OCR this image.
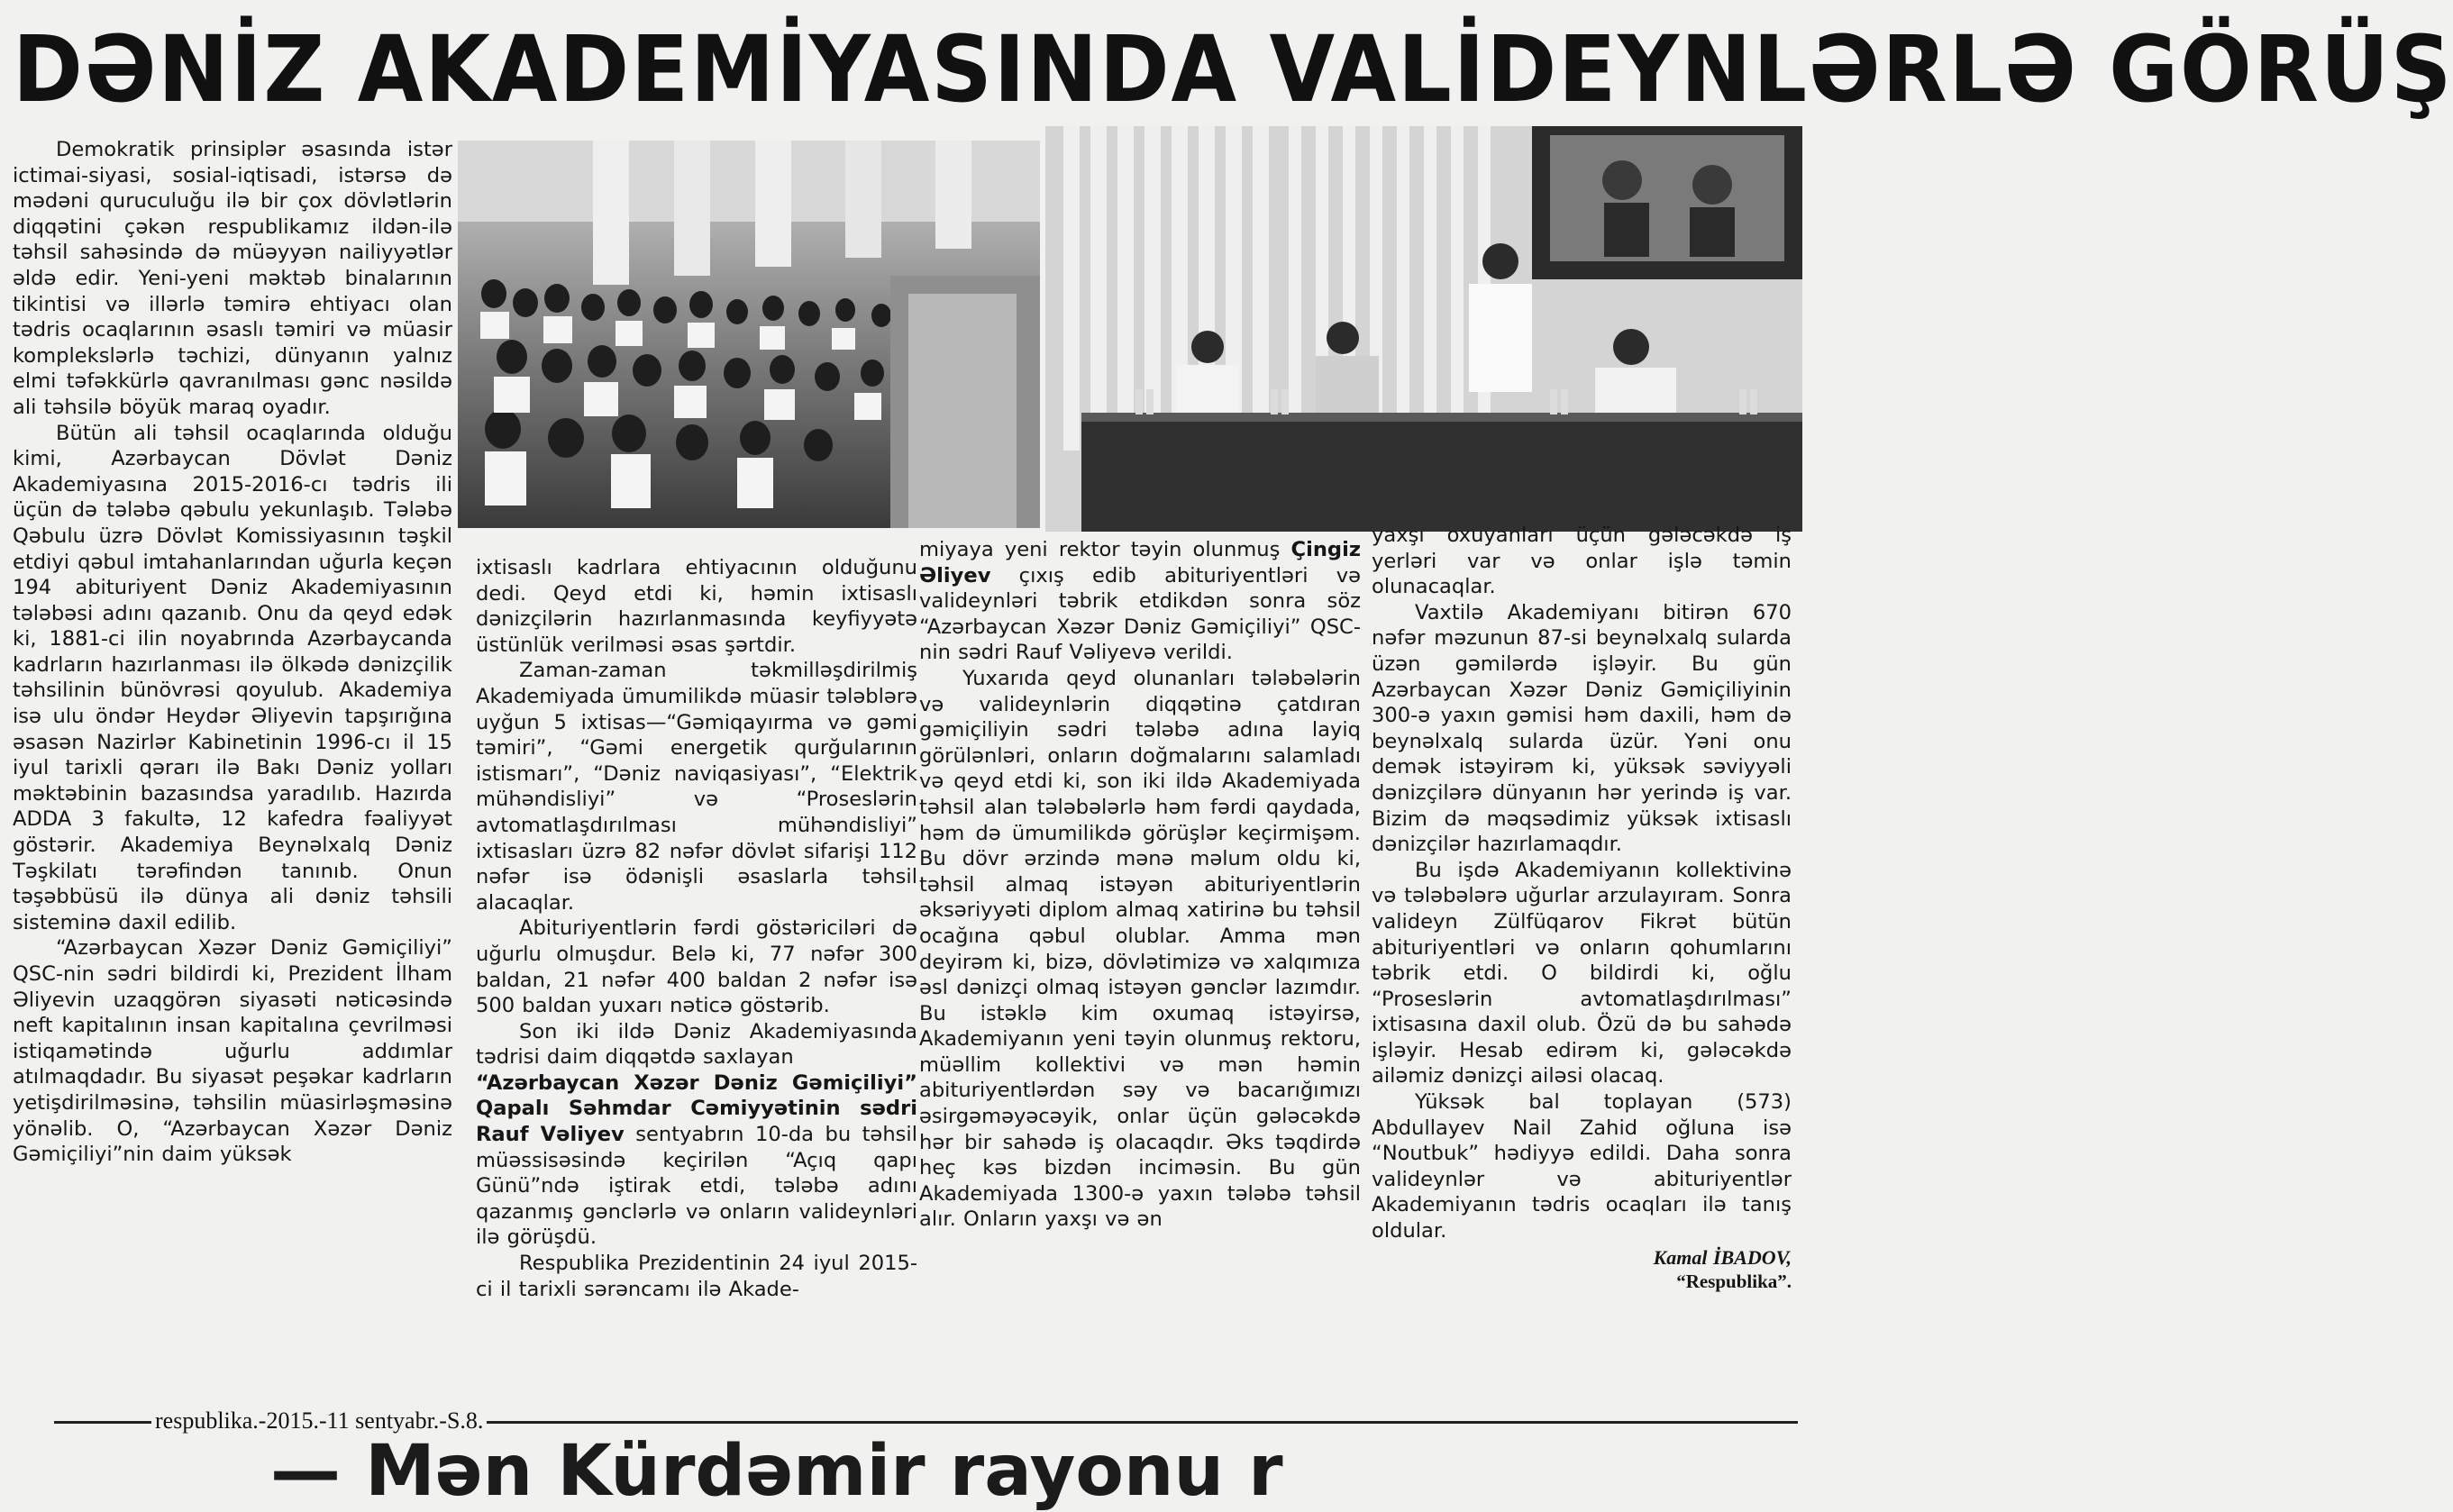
DƏNİZ AKADEMİYASINDA VALİDEYNLƏRLƏ GÖRÜŞ

Demokratik prinsiplər əsasında istər ictimai-siyasi, sosial-iqtisadi, istərsə də mədəni quruculuğu ilə bir çox dövlətlərin diqqətini çəkən respublikamız ildən-ilə təhsil sahəsində də müəyyən nailiyyətlər əldə edir. Yeni-yeni məktəb binalarının tikintisi və illərlə təmirə ehtiyacı olan tədris ocaqlarının əsaslı təmiri və müasir komplekslərlə təchizi, dünyanın yalnız elmi təfəkkürlə qavranılması gənc nəsildə ali təhsilə böyük maraq oyadır.

Bütün ali təhsil ocaqlarında olduğu kimi, Azərbaycan Dövlət Dəniz Akademiyasına 2015-2016-cı tədris ili üçün də tələbə qəbulu yekunlaşıb. Tələbə Qəbulu üzrə Dövlət Komissiyasının təşkil etdiyi qəbul imtahanlarından uğurla keçən 194 abituriyent Dəniz Akademiyasının tələbəsi adını qazanıb. Onu da qeyd edək ki, 1881-ci ilin noyabrında Azərbaycanda kadrların hazırlanması ilə ölkədə dənizçilik təhsilinin bünövrəsi qoyulub. Akademiya isə ulu öndər Heydər Əliyevin tapşırığına əsasən Nazirlər Kabinetinin 1996-cı il 15 iyul tarixli qərarı ilə Bakı Dəniz yolları məktəbinin bazasındsa yaradılıb. Hazırda ADDA 3 fakultə, 12 kafedra fəaliyyət göstərir. Akademiya Beynəlxalq Dəniz Təşkilatı tərəfindən tanınıb. Onun təşəbbüsü ilə dünya ali dəniz təhsili sisteminə daxil edilib.

“Azərbaycan Xəzər Dəniz Gəmiçiliyi” QSC-nin sədri bildirdi ki, Prezident İlham Əliyevin uzaqgörən siyasəti nəticəsində neft kapitalının insan kapitalına çevrilməsi istiqamətində uğurlu addımlar atılmaqdadır. Bu siyasət peşəkar kadrların yetişdirilməsinə, təhsilin müasirləşməsinə yönəlib. O, “Azərbaycan Xəzər Dəniz Gəmiçiliyi”nin daim yüksək

ixtisaslı kadrlara ehtiyacının olduğunu dedi. Qeyd etdi ki, həmin ixtisaslı dənizçilərin hazırlanmasında keyfiyyətə üstünlük verilməsi əsas şərtdir.

Zaman-zaman təkmilləşdirilmiş Akademiyada ümumilikdə müasir tələblərə uyğun 5 ixtisas—“Gəmiqayırma və gəmi təmiri”, “Gəmi energetik qurğularının istismarı”, “Dəniz naviqasiyası”, “Elektrik mühəndisliyi” və “Proseslərin avtomatlaşdırılması mühəndisliyi” ixtisasları üzrə 82 nəfər dövlət sifarişi 112 nəfər isə ödənişli əsaslarla təhsil alacaqlar.

Abituriyentlərin fərdi göstəriciləri də uğurlu olmuşdur. Belə ki, 77 nəfər 300 baldan, 21 nəfər 400 baldan 2 nəfər isə 500 baldan yuxarı nəticə göstərib.

Son iki ildə Dəniz Akademiyasında tədrisi daim diqqətdə saxlayan

“Azərbaycan Xəzər Dəniz Gəmiçiliyi” Qapalı Səhmdar Cəmiyyətinin sədri Rauf Vəliyev sentyabrın 10-da bu təhsil müəssisəsində keçirilən “Açıq qapı Günü”ndə iştirak etdi, tələbə adını qazanmış gənclərlə və onların valideynləri ilə görüşdü.

Respublika Prezidentinin 24 iyul 2015-ci il tarixli sərəncamı ilə Akade-

miyaya yeni rektor təyin olunmuş Çingiz Əliyev çıxış edib abituriyentləri və valideynləri təbrik etdikdən sonra söz “Azərbaycan Xəzər Dəniz Gəmiçiliyi” QSC-nin sədri Rauf Vəliyevə verildi.

Yuxarıda qeyd olunanları tələbələrin və valideynlərin diqqətinə çatdıran gəmiçiliyin sədri tələbə adına layiq görülənləri, onların doğmalarını salamladı və qeyd etdi ki, son iki ildə Akademiyada təhsil alan tələbələrlə həm fərdi qaydada, həm də ümumilikdə görüşlər keçirmişəm. Bu dövr ərzində mənə məlum oldu ki, təhsil almaq istəyən abituriyentlərin əksəriyyəti diplom almaq xatirinə bu təhsil ocağına qəbul olublar. Amma mən deyirəm ki, bizə, dövlətimizə və xalqımıza əsl dənizçi olmaq istəyən gənclər lazımdır. Bu istəklə kim oxumaq istəyirsə, Akademiyanın yeni təyin olunmuş rektoru, müəllim kollektivi və mən həmin abituriyentlərdən səy və bacarığımızı əsirgəməyəcəyik, onlar üçün gələcəkdə hər bir sahədə iş olacaqdır. Əks təqdirdə heç kəs bizdən inciməsin. Bu gün Akademiyada 1300-ə yaxın tələbə təhsil alır. Onların yaxşı və ən

yaxşı oxuyanları üçün gələcəkdə iş yerləri var və onlar işlə təmin olunacaqlar.

Vaxtilə Akademiyanı bitirən 670 nəfər məzunun 87-si beynəlxalq sularda üzən gəmilərdə işləyir. Bu gün Azərbaycan Xəzər Dəniz Gəmiçiliyinin 300-ə yaxın gəmisi həm daxili, həm də beynəlxalq sularda üzür. Yəni onu demək istəyirəm ki, yüksək səviyyəli dənizçilərə dünyanın hər yerində iş var. Bizim də məqsədimiz yüksək ixtisaslı dənizçilər hazırlamaqdır.

Bu işdə Akademiyanın kollektivinə və tələbələrə uğurlar arzulayıram. Sonra valideyn Zülfüqarov Fikrət bütün abituriyentləri və onların qohumlarını təbrik etdi. O bildirdi ki, oğlu “Proseslərin avtomatlaşdırılması” ixtisasına daxil olub. Özü də bu sahədə işləyir. Hesab edirəm ki, gələcəkdə ailəmiz dənizçi ailəsi olacaq.

Yüksək bal toplayan (573) Abdullayev Nail Zahid oğluna isə “Noutbuk” hədiyyə edildi. Daha sonra valideynlər və abituriyentlər Akademiyanın tədris ocaqları ilə tanış oldular.

Kamal İBADOV,
“Respublika”.
respublika.-2015.-11 sentyabr.-S.8.
— Mən Kürdəmir rayonu r
